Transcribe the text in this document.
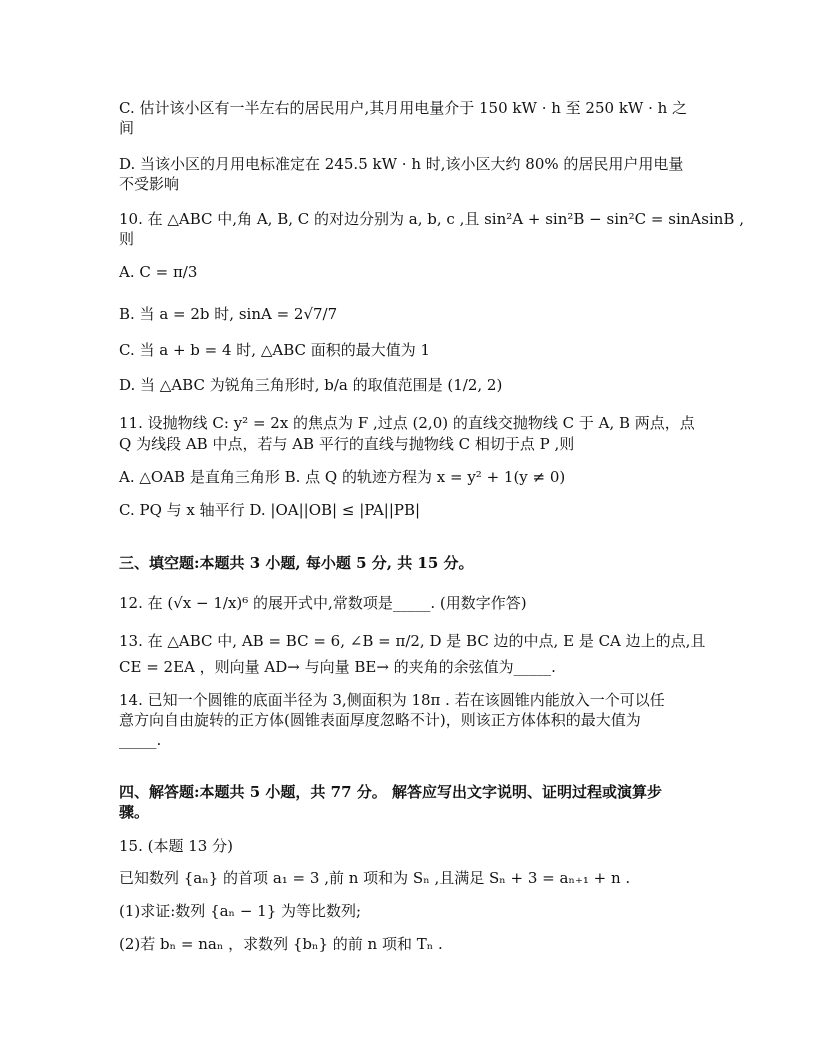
C. 估计该小区有一半左右的居民用户,其月用电量介于 150 kW · h 至 250 kW · h 之
间
D. 当该小区的月用电标准定在 245.5 kW · h 时,该小区大约 80% 的居民用户用电量
不受影响
10. 在 △ABC 中,角 A, B, C 的对边分别为 a, b, c ,且 sin²A + sin²B − sin²C = sinAsinB ,
则
A. C = π/3
B. 当 a = 2b 时, sinA = 2√7/7
C. 当 a + b = 4 时, △ABC 面积的最大值为 1
D. 当 △ABC 为锐角三角形时, b/a 的取值范围是 (1/2, 2)
11. 设抛物线 C: y² = 2x 的焦点为 F ,过点 (2,0) 的直线交抛物线 C 于 A, B 两点，点
Q 为线段 AB 中点，若与 AB 平行的直线与抛物线 C 相切于点 P ,则
A. △OAB 是直角三角形 B. 点 Q 的轨迹方程为 x = y² + 1(y ≠ 0)
C. PQ 与 x 轴平行 D. |OA||OB| ≤ |PA||PB|
三、填空题:本题共 3 小题, 每小题 5 分, 共 15 分。
12. 在 (√x − 1/x)⁶ 的展开式中,常数项是_____. (用数字作答)
13. 在 △ABC 中, AB = BC = 6, ∠B = π/2, D 是 BC 边的中点, E 是 CA 边上的点,且
CE = 2EA ，则向量 AD→ 与向量 BE→ 的夹角的余弦值为_____.
14. 已知一个圆锥的底面半径为 3,侧面积为 18π . 若在该圆锥内能放入一个可以任
意方向自由旋转的正方体(圆锥表面厚度忽略不计)，则该正方体体积的最大值为
_____.
四、解答题:本题共 5 小题，共 77 分。 解答应写出文字说明、证明过程或演算步
骤。
15. (本题 13 分)
已知数列 {aₙ} 的首项 a₁ = 3 ,前 n 项和为 Sₙ ,且满足 Sₙ + 3 = aₙ₊₁ + n .
(1)求证:数列 {aₙ − 1} 为等比数列;
(2)若 bₙ = naₙ ，求数列 {bₙ} 的前 n 项和 Tₙ .
